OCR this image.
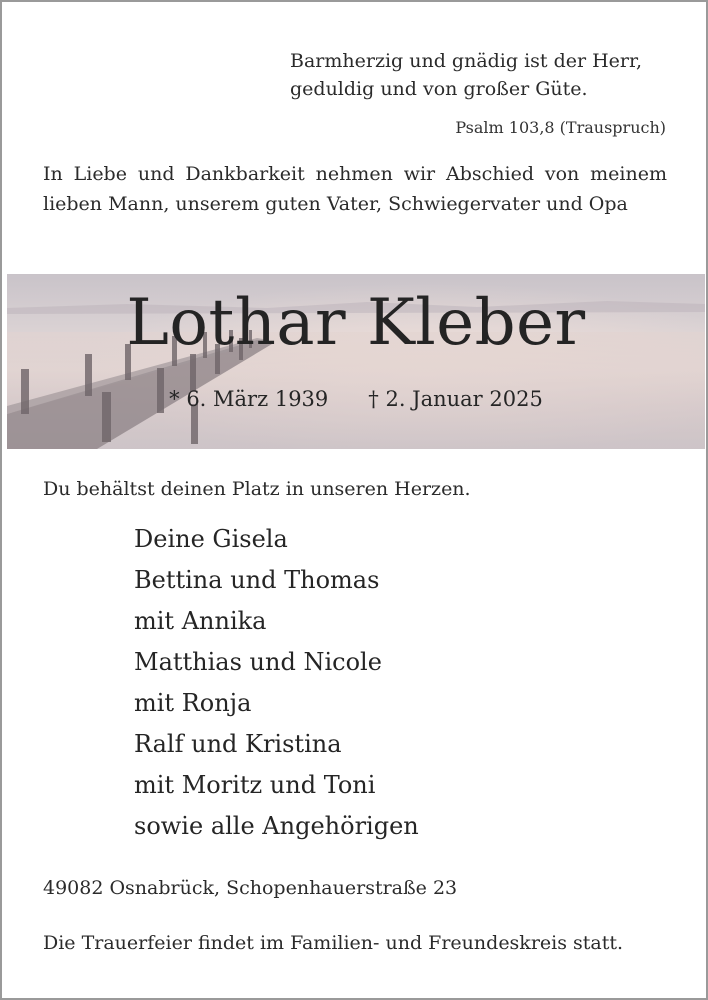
Barmherzig und gnädig ist der Herr,
geduldig und von großer Güte.
Psalm 103,8 (Trauspruch)
In Liebe und Dankbarkeit nehmen wir Abschied von meinem lieben Mann, unserem guten Vater, Schwiegervater und Opa
Lothar Kleber
* 6. März 1939 † 2. Januar 2025
Du behältst deinen Platz in unseren Herzen.
Deine Gisela
Bettina und Thomas
mit Annika
Matthias und Nicole
mit Ronja
Ralf und Kristina
mit Moritz und Toni
sowie alle Angehörigen
49082 Osnabrück, Schopenhauerstraße 23
Die Trauerfeier findet im Familien- und Freundeskreis statt.
